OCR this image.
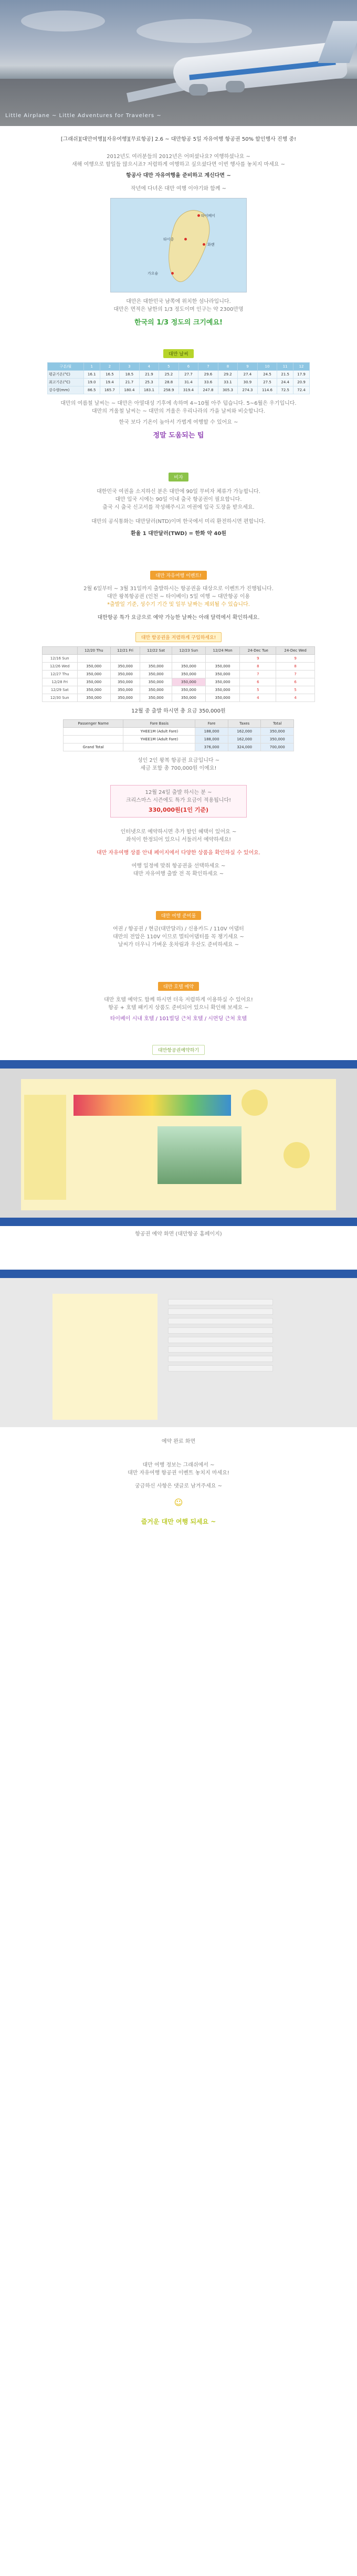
Little Airplane ~ Little Adventures for Travelers ~
[그래쉬][대만여행][자유여행][무료항공] 2.6 ~ 대만항공 5일 자유여행 항공권 50% 할인행사 진행 중!
2012년도 여러분들의 2012년은 어떠셨나요? 여행하셨나요 ~
새해 여행으로 할일들 많으시죠? 저렴하게 여행하고 싶으셨다면 이번 행사를 놓치지 마세요 ~
항공사 대만 자유여행을 준비하고 계신다면 ~
작년에 다녀온 대만 여행 이야기와 함께 ~
타이베이
타이중
가오슝
화롄
대만은 대한민국 남쪽에 위치한 섬나라입니다.
대만은 면적은 남한의 1/3 정도이며 인구는 약 2300만명
한국의 1/3 정도의 크기예요!
대만 날씨
구분/월	1	2	3	4	5	6	7	8	9	10	11	12
평균기온(°C)	16.1	16.5	18.5	21.9	25.2	27.7	29.6	29.2	27.4	24.5	21.5	17.9
최고기온(°C)	19.0	19.4	21.7	25.3	28.8	31.4	33.6	33.1	30.9	27.5	24.4	20.9
강수량(mm)	86.5	165.7	180.4	183.1	258.9	319.4	247.8	305.3	274.3	114.6	72.5	72.4
대만의 여름철 날씨는 ~ 대만은 아열대성 기후에 속하며 4~10월 아주 덥습니다. 5~6월은 우기입니다.
대만의 겨울철 날씨는 ~ 대만의 겨울은 우리나라의 가을 날씨와 비슷합니다.
한국 보다 기온이 높아서 가볍게 여행할 수 있어요 ~
정말 도움되는 팁
비자
대한민국 여권을 소지하신 분은 대만에 90일 무비자 체류가 가능합니다.
대만 입국 시에는 90일 이내 출국 항공권이 필요합니다.
출국 시 출국 신고서를 작성해주시고 여권에 입국 도장을 받으세요.
대만의 공식통화는 대만달러(NTD)이며 한국에서 미리 환전하시면 편합니다.
환율 1 대만달러(TWD) = 한화 약 40원
대만 자유여행 이벤트!
2월 6일부터 ~ 3월 31일까지 출발하시는 항공권을 대상으로 이벤트가 진행됩니다.
대만 왕복항공권 (인천 ~ 타이베이) 5일 여행 ~ 대만항공 이용
*출발일 기준, 성수기 기간 및 일부 날짜는 제외될 수 있습니다.
대한항공 특가 요금으로 예약 가능한 날짜는 아래 달력에서 확인하세요.
대만 항공권을 저렴하게 구입하세요!
	12/20 Thu	12/21 Fri	12/22 Sat	12/23 Sun	12/24 Mon	24-Dec Tue	24-Dec Wed
12/16 Sun						9	9
12/26 Wed	350,000	350,000	350,000	350,000	350,000	8	8
12/27 Thu	350,000	350,000	350,000	350,000	350,000	7	7
12/28 Fri	350,000	350,000	350,000	350,000	350,000	6	6
12/29 Sat	350,000	350,000	350,000	350,000	350,000	5	5
12/30 Sun	350,000	350,000	350,000	350,000	350,000	4	4
12월 중 출발 하시면 총 요금 350,000원
Passenger Name	Fare Basis	Fare	Taxes	Total
	YHEE1M (Adult Fare)	188,000	162,000	350,000
	YHEE1M (Adult Fare)	188,000	162,000	350,000
Grand Total		376,000	324,000	700,000
성인 2인 왕복 항공권 요금입니다 ~
세금 포함 총 700,000원 이예요!
12월 24일 출발 하시는 분 ~
크리스마스 시즌에도 특가 요금이 적용됩니다!
330,000원(1인 기준)
인터넷으로 예약하시면 추가 할인 혜택이 있어요 ~
좌석이 한정되어 있으니 서둘러서 예약하세요!
대만 자유여행 상품 안내 페이지에서 다양한 상품을 확인하실 수 있어요.
여행 일정에 맞춰 항공권을 선택하세요 ~
대만 자유여행 출발 전 꼭 확인하세요 ~
대만 여행 준비물
여권 / 항공권 / 현금(대만달러) / 신용카드 / 110V 어댑터
대만의 전압은 110V 이므로 멀티어댑터를 꼭 챙기세요 ~
날씨가 더우니 가벼운 옷차림과 우산도 준비하세요 ~
대만 호텔 예약
대만 호텔 예약도 함께 하시면 더욱 저렴하게 이용하실 수 있어요!
항공 + 호텔 패키지 상품도 준비되어 있으니 확인해 보세요 ~
타이베이 시내 호텔 / 101빌딩 근처 호텔 / 시먼딩 근처 호텔
대만항공권예약하기
항공권 예약 화면 (대만항공 홈페이지)
예약 완료 화면
대만 여행 정보는 그래쉬에서 ~
대만 자유여행 항공권 이벤트 놓치지 마세요!
궁금하신 사항은 댓글로 남겨주세요 ~
☺
즐거운 대만 여행 되세요 ~
